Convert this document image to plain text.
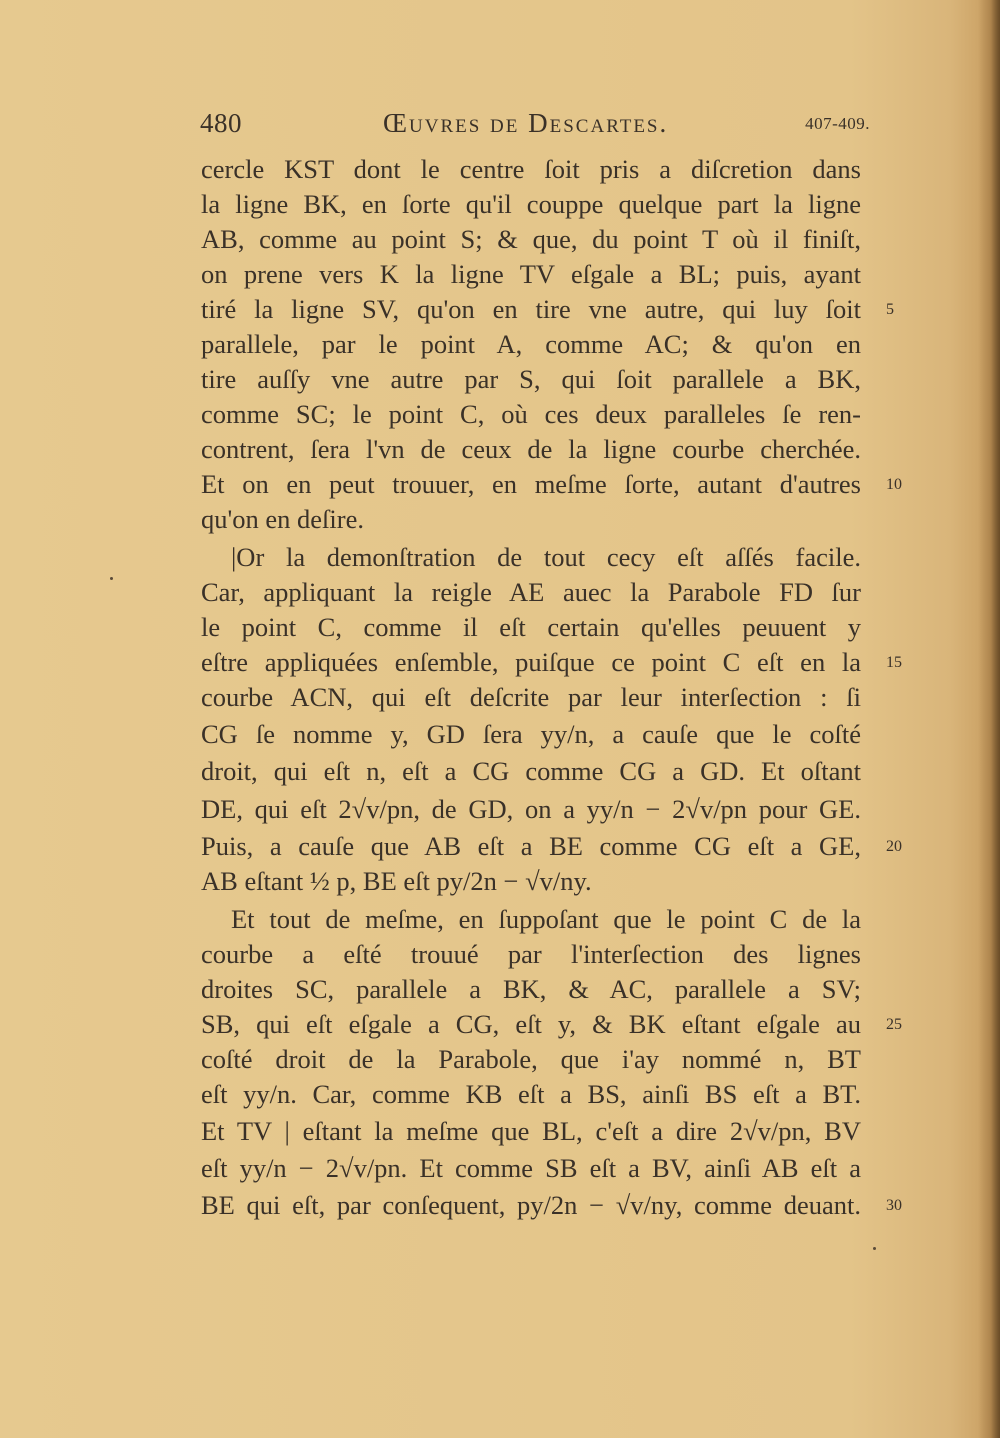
480	Œuvres de Descartes.	407-409.
cercle KST dont le centre ſoit pris a diſcretion dans
la ligne BK, en ſorte qu'il couppe quelque part la ligne
AB, comme au point S; & que, du point T où il finiſt,
on prene vers K la ligne TV eſgale a BL; puis, ayant
tiré la ligne SV, qu'on en tire vne autre, qui luy ſoit
parallele, par le point A, comme AC; & qu'on en
tire auſſy vne autre par S, qui ſoit parallele a BK,
comme SC; le point C, où ces deux paralleles ſe ren-
contrent, ſera l'vn de ceux de la ligne courbe cherchée.
Et on en peut trouuer, en meſme ſorte, autant d'autres
qu'on en deſire.
|Or la demonſtration de tout cecy eſt aſſés facile.
Car, appliquant la reigle AE auec la Parabole FD ſur
le point C, comme il eſt certain qu'elles peuuent y
eſtre appliquées enſemble, puiſque ce point C eſt en la
courbe ACN, qui eſt deſcrite par leur interſection : ſi
CG ſe nomme y, GD ſera yy/n, a cauſe que le coſté
droit, qui eſt n, eſt a CG comme CG a GD. Et oſtant
DE, qui eſt 2√v/pn, de GD, on a yy/n − 2√v/pn pour GE.
Puis, a cauſe que AB eſt a BE comme CG eſt a GE,
AB eſtant ½ p, BE eſt py/2n − √v/ny.
Et tout de meſme, en ſuppoſant que le point C de la
courbe a eſté trouué par l'interſection des lignes
droites SC, parallele a BK, & AC, parallele a SV;
SB, qui eſt eſgale a CG, eſt y, & BK eſtant eſgale au
coſté droit de la Parabole, que i'ay nommé n, BT
eſt yy/n. Car, comme KB eſt a BS, ainſi BS eſt a BT.
Et TV | eſtant la meſme que BL, c'eſt a dire 2√v/pn, BV
eſt yy/n − 2√v/pn. Et comme SB eſt a BV, ainſi AB eſt a
BE qui eſt, par conſequent, py/2n − √v/ny, comme deuant.
5
10
15
20
25
30
